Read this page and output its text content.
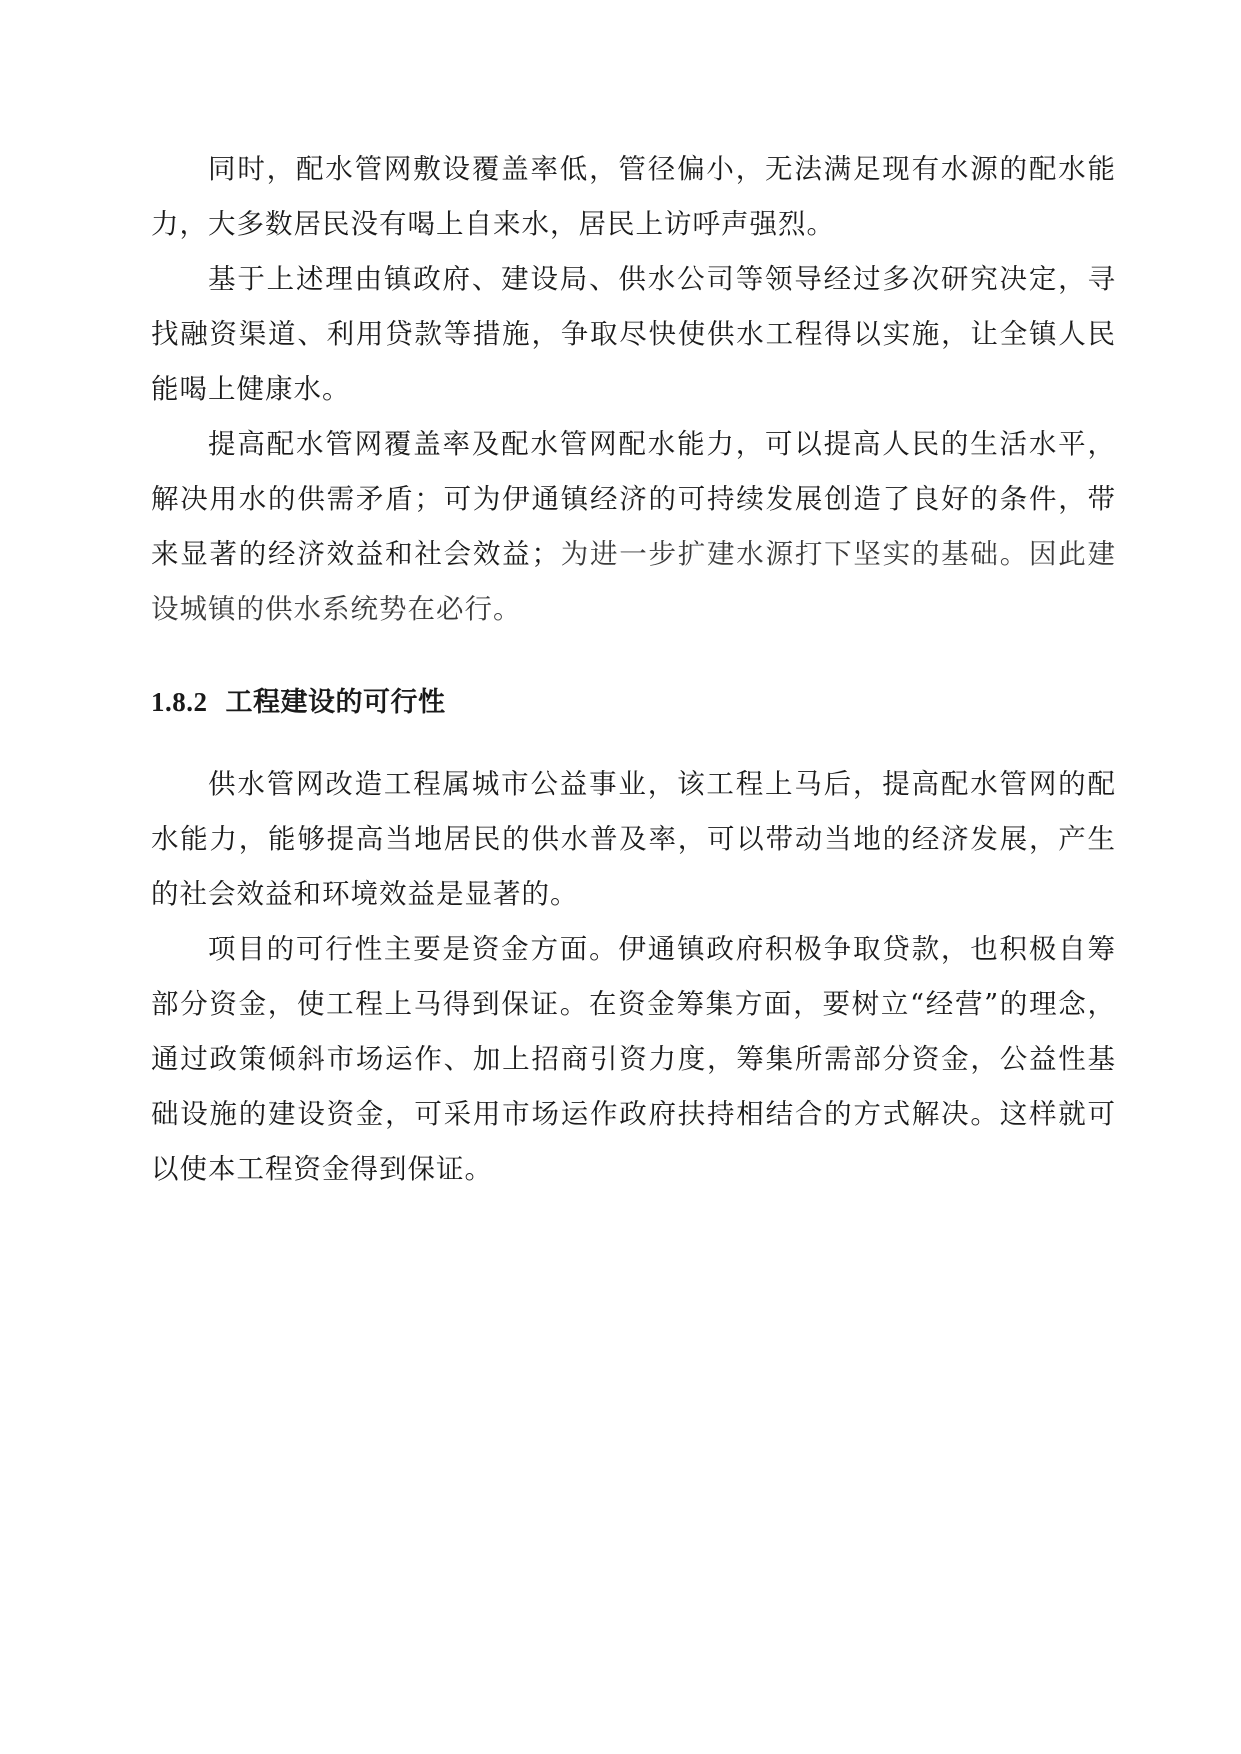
同时，配水管网敷设覆盖率低，管径偏小，无法满足现有水源的配水能力，大多数居民没有喝上自来水，居民上访呼声强烈。

基于上述理由镇政府、建设局、供水公司等领导经过多次研究决定，寻找融资渠道、利用贷款等措施，争取尽快使供水工程得以实施，让全镇人民能喝上健康水。

提高配水管网覆盖率及配水管网配水能力，可以提高人民的生活水平，解决用水的供需矛盾；可为伊通镇经济的可持续发展创造了良好的条件，带来显著的经济效益和社会效益；为进一步扩建水源打下坚实的基础。因此建设城镇的供水系统势在必行。

1.8.2 工程建设的可行性

供水管网改造工程属城市公益事业，该工程上马后，提高配水管网的配水能力，能够提高当地居民的供水普及率，可以带动当地的经济发展，产生的社会效益和环境效益是显著的。

项目的可行性主要是资金方面。伊通镇政府积极争取贷款，也积极自筹部分资金，使工程上马得到保证。在资金筹集方面，要树立“经营”的理念，通过政策倾斜市场运作、加上招商引资力度，筹集所需部分资金，公益性基础设施的建设资金，可采用市场运作政府扶持相结合的方式解决。这样就可以使本工程资金得到保证。
